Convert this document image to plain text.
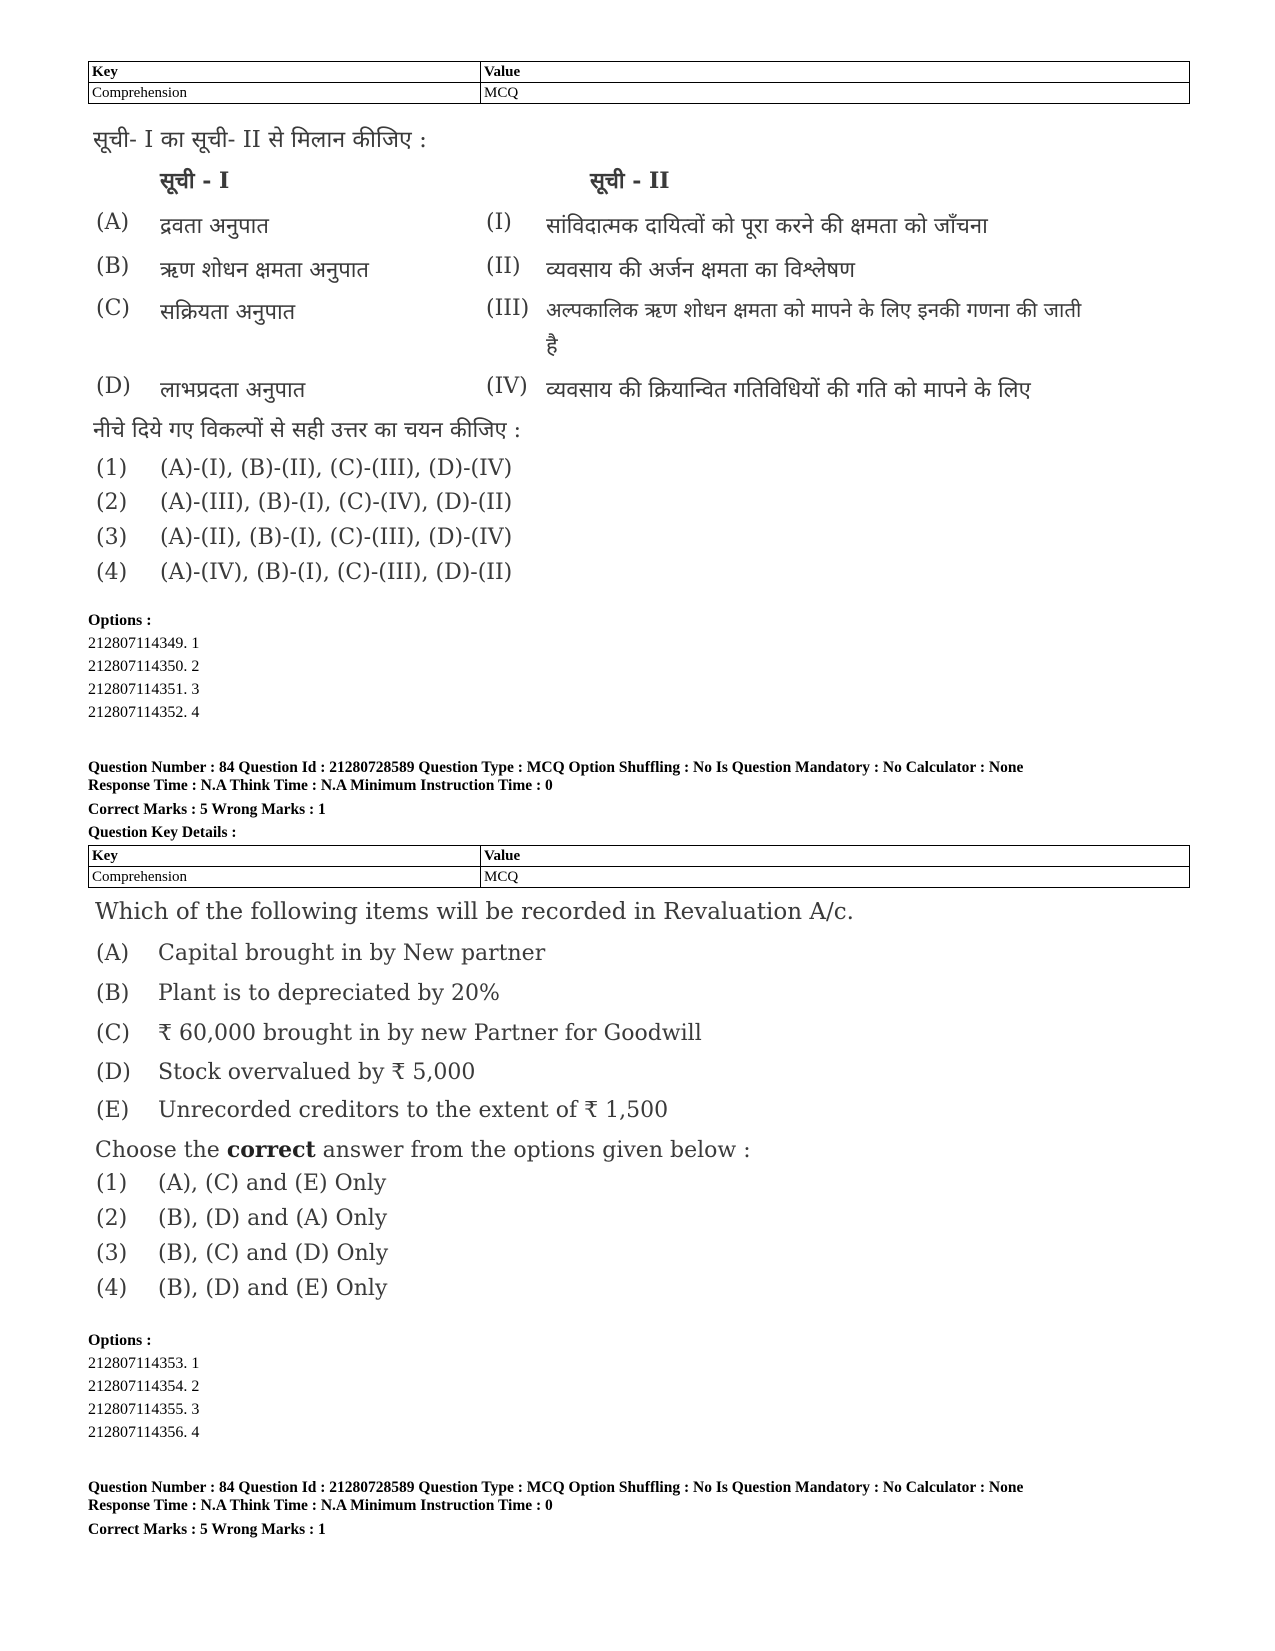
Key	Value
Comprehension	MCQ
सूची- I का सूची- II से मिलान कीजिए :
सूची - I	सूची - II
(A) द्रवता अनुपात	(I) सांविदात्मक दायित्वों को पूरा करने की क्षमता को जाँचना
(B) ऋण शोधन क्षमता अनुपात	(II) व्यवसाय की अर्जन क्षमता का विश्लेषण
(C) सक्रियता अनुपात	(III) अल्पकालिक ऋण शोधन क्षमता को मापने के लिए इनकी गणना की जाती
है
(D) लाभप्रदता अनुपात	(IV) व्यवसाय की क्रियान्वित गतिविधियों की गति को मापने के लिए
नीचे दिये गए विकल्पों से सही उत्तर का चयन कीजिए :
(1) (A)-(I), (B)-(II), (C)-(III), (D)-(IV)
(2) (A)-(III), (B)-(I), (C)-(IV), (D)-(II)
(3) (A)-(II), (B)-(I), (C)-(III), (D)-(IV)
(4) (A)-(IV), (B)-(I), (C)-(III), (D)-(II)
Options :
212807114349. 1
212807114350. 2
212807114351. 3
212807114352. 4
Question Number : 84 Question Id : 21280728589 Question Type : MCQ Option Shuffling : No Is Question Mandatory : No Calculator : None
Response Time : N.A Think Time : N.A Minimum Instruction Time : 0
Correct Marks : 5 Wrong Marks : 1
Question Key Details :
Key	Value
Comprehension	MCQ
Which of the following items will be recorded in Revaluation A/c.
(A) Capital brought in by New partner
(B) Plant is to depreciated by 20%
(C) ₹ 60,000 brought in by new Partner for Goodwill
(D) Stock overvalued by ₹ 5,000
(E) Unrecorded creditors to the extent of ₹ 1,500
Choose the correct answer from the options given below :
(1) (A), (C) and (E) Only
(2) (B), (D) and (A) Only
(3) (B), (C) and (D) Only
(4) (B), (D) and (E) Only
Options :
212807114353. 1
212807114354. 2
212807114355. 3
212807114356. 4
Question Number : 84 Question Id : 21280728589 Question Type : MCQ Option Shuffling : No Is Question Mandatory : No Calculator : None
Response Time : N.A Think Time : N.A Minimum Instruction Time : 0
Correct Marks : 5 Wrong Marks : 1
